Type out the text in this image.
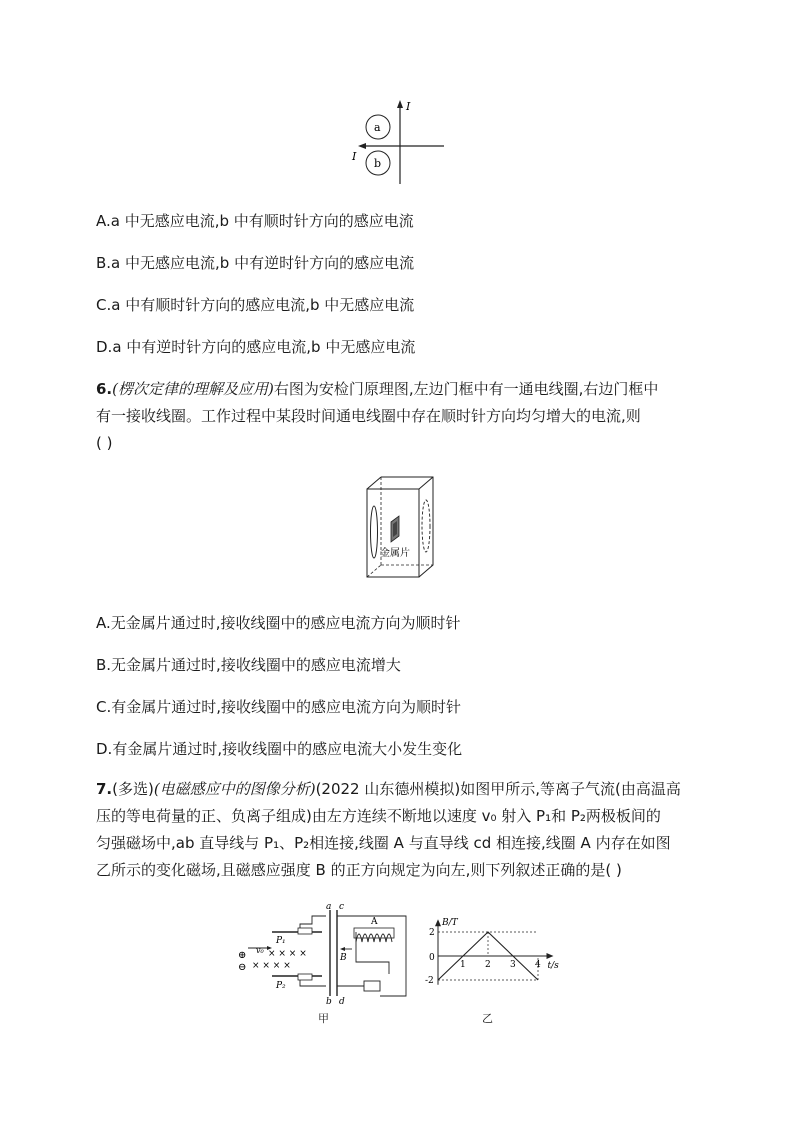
a
b
I
I
A.a 中无感应电流,b 中有顺时针方向的感应电流
B.a 中无感应电流,b 中有逆时针方向的感应电流
C.a 中有顺时针方向的感应电流,b 中无感应电流
D.a 中有逆时针方向的感应电流,b 中无感应电流
6.(楞次定律的理解及应用)右图为安检门原理图,左边门框中有一通电线圈,右边门框中
有一接收线圈。工作过程中某段时间通电线圈中存在顺时针方向均匀增大的电流,则
( )
金属片
A.无金属片通过时,接收线圈中的感应电流方向为顺时针
B.无金属片通过时,接收线圈中的感应电流增大
C.有金属片通过时,接收线圈中的感应电流方向为顺时针
D.有金属片通过时,接收线圈中的感应电流大小发生变化
7.(多选)(电磁感应中的图像分析)(2022 山东德州模拟)如图甲所示,等离子气流(由高温高
压的等电荷量的正、负离子组成)由左方连续不断地以速度 v₀ 射入 P₁和 P₂两极板间的
匀强磁场中,ab 直导线与 P₁、P₂相连接,线圈 A 与直导线 cd 相连接,线圈 A 内存在如图
乙所示的变化磁场,且磁感应强度 B 的正方向规定为向左,则下列叙述正确的是( )
P₁
P₂
v₀
⊕
⊖
× × × ×
× × × ×
a c
b d
A
B
甲
B/T
t/s
0
2
-2
1 2 3 4
乙
